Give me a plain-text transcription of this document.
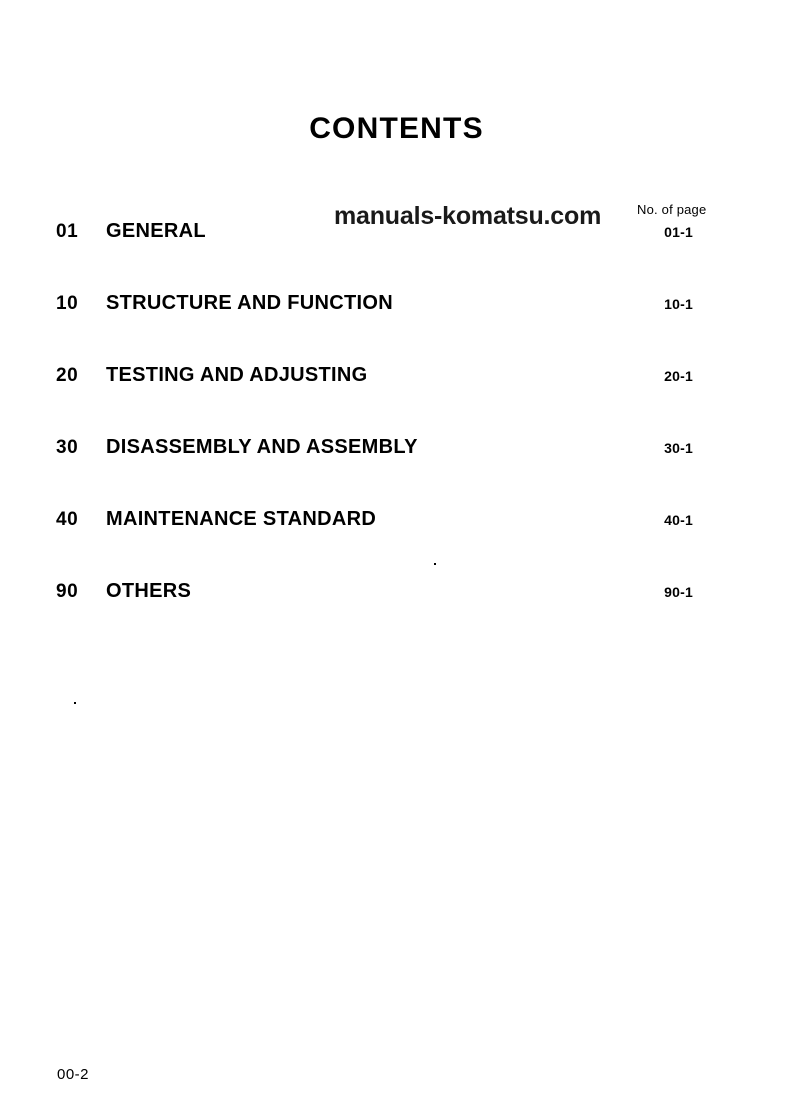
CONTENTS
manuals-komatsu.com	No. of page
01	GENERAL .....	01-1
10	STRUCTURE AND FUNCTION .....	10-1
20	TESTING AND ADJUSTING .....	20-1
30	DISASSEMBLY AND ASSEMBLY .....	30-1
40	MAINTENANCE STANDARD .....	40-1
90	OTHERS .....	90-1
00-2
